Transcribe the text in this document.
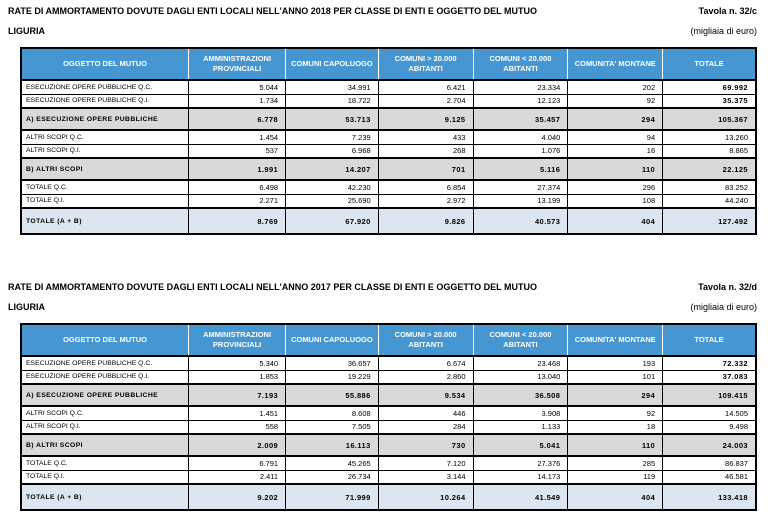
RATE DI AMMORTAMENTO DOVUTE DAGLI ENTI LOCALI NELL'ANNO 2018 PER CLASSE DI ENTI E OGGETTO DEL MUTUO	Tavola n. 32/c
LIGURIA	(migliaia di euro)
OGGETTO DEL MUTUO	AMMINISTRAZIONI PROVINCIALI	COMUNI CAPOLUOGO	COMUNI > 20.000 ABITANTI	COMUNI < 20.000 ABITANTI	COMUNITA' MONTANE	TOTALE
ESECUZIONE OPERE PUBBLICHE Q.C.	5.044	34.991	6.421	23.334	202	69.992
ESECUZIONE OPERE PUBBLICHE Q.I.	1.734	18.722	2.704	12.123	92	35.375
A) ESECUZIONE OPERE PUBBLICHE	6.778	53.713	9.125	35.457	294	105.367
ALTRI SCOPI Q.C.	1.454	7.239	433	4.040	94	13.260
ALTRI SCOPI Q.I.	537	6.968	268	1.076	16	8.865
B) ALTRI SCOPI	1.991	14.207	701	5.116	110	22.125
TOTALE Q.C.	6.498	42.230	6.854	27.374	296	83.252
TOTALE Q.I.	2.271	25.690	2.972	13.199	108	44.240
TOTALE (A + B)	8.769	67.920	9.826	40.573	404	127.492
RATE DI AMMORTAMENTO DOVUTE DAGLI ENTI LOCALI NELL'ANNO 2017 PER CLASSE DI ENTI E OGGETTO DEL MUTUO	Tavola n. 32/d
LIGURIA	(migliaia di euro)
OGGETTO DEL MUTUO	AMMINISTRAZIONI PROVINCIALI	COMUNI CAPOLUOGO	COMUNI > 20.000 ABITANTI	COMUNI < 20.000 ABITANTI	COMUNITA' MONTANE	TOTALE
ESECUZIONE OPERE PUBBLICHE Q.C.	5.340	36.657	6.674	23.468	193	72.332
ESECUZIONE OPERE PUBBLICHE Q.I.	1.853	19.229	2.860	13.040	101	37.083
A) ESECUZIONE OPERE PUBBLICHE	7.193	55.886	9.534	36.508	294	109.415
ALTRI SCOPI Q.C.	1.451	8.608	446	3.908	92	14.505
ALTRI SCOPI Q.I.	558	7.505	284	1.133	18	9.498
B) ALTRI SCOPI	2.009	16.113	730	5.041	110	24.003
TOTALE Q.C.	6.791	45.265	7.120	27.376	285	86.837
TOTALE Q.I.	2.411	26.734	3.144	14.173	119	46.581
TOTALE (A + B)	9.202	71.999	10.264	41.549	404	133.418
